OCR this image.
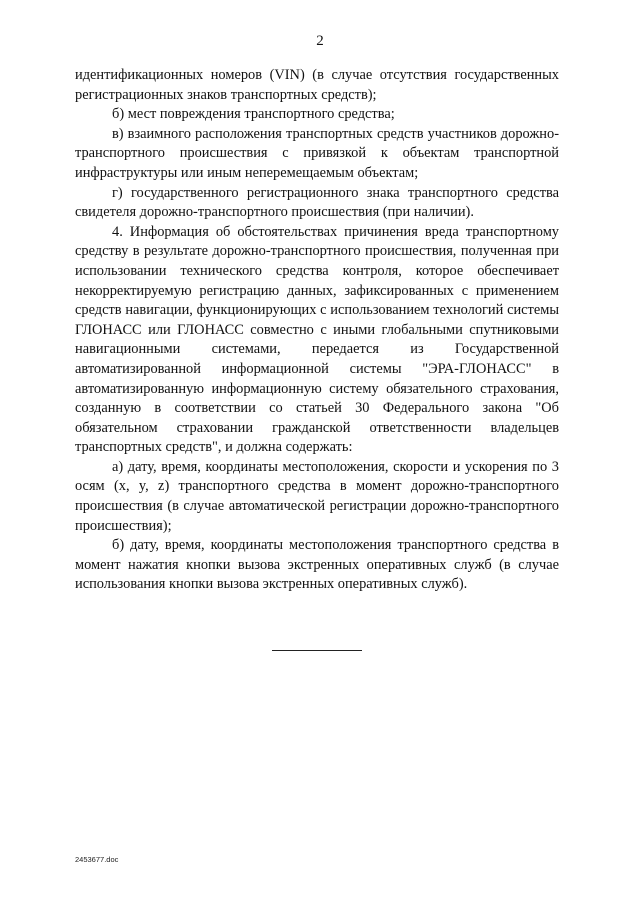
2

идентификационных номеров (VIN) (в случае отсутствия государственных регистрационных знаков транспортных средств);

б) мест повреждения транспортного средства;

в) взаимного расположения транспортных средств участников дорожно-транспортного происшествия с привязкой к объектам транспортной инфраструктуры или иным неперемещаемым объектам;

г) государственного регистрационного знака транспортного средства свидетеля дорожно-транспортного происшествия (при наличии).

4. Информация об обстоятельствах причинения вреда транспортному средству в результате дорожно-транспортного происшествия, полученная при использовании технического средства контроля, которое обеспечивает некорректируемую регистрацию данных, зафиксированных с применением средств навигации, функционирующих с использованием технологий системы ГЛОНАСС или ГЛОНАСС совместно с иными глобальными спутниковыми навигационными системами, передается из Государственной автоматизированной информационной системы "ЭРА-ГЛОНАСС" в автоматизированную информационную систему обязательного страхования, созданную в соответствии со статьей 30 Федерального закона "Об обязательном страховании гражданской ответственности владельцев транспортных средств", и должна содержать:

а) дату, время, координаты местоположения, скорости и ускорения по 3 осям (x, y, z) транспортного средства в момент дорожно-транспортного происшествия (в случае автоматической регистрации дорожно-транспортного происшествия);

б) дату, время, координаты местоположения транспортного средства в момент нажатия кнопки вызова экстренных оперативных служб (в случае использования кнопки вызова экстренных оперативных служб).

2453677.doc
